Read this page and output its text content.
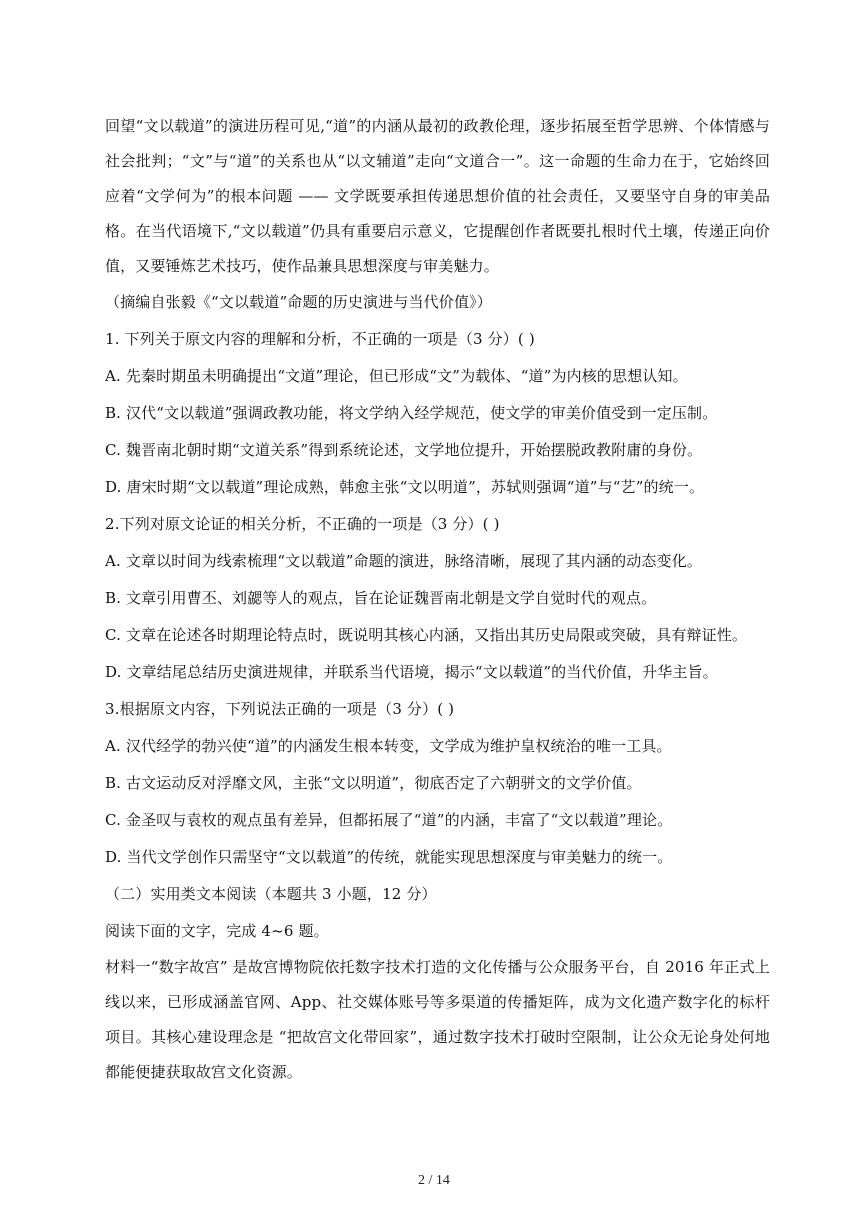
回望“文以载道”的演进历程可见,“道”的内涵从最初的政教伦理，逐步拓展至哲学思辨、个体情感与社会批判；“文”与“道”的关系也从“以文辅道”走向“文道合一”。这一命题的生命力在于，它始终回应着“文学何为”的根本问题 —— 文学既要承担传递思想价值的社会责任，又要坚守自身的审美品格。在当代语境下,“文以载道”仍具有重要启示意义，它提醒创作者既要扎根时代土壤，传递正向价值，又要锤炼艺术技巧，使作品兼具思想深度与审美魅力。

（摘编自张毅《“文以载道”命题的历史演进与当代价值》）

1. 下列关于原文内容的理解和分析，不正确的一项是（3 分）( )

A. 先秦时期虽未明确提出“文道”理论，但已形成“文”为载体、“道”为内核的思想认知。

B. 汉代“文以载道”强调政教功能，将文学纳入经学规范，使文学的审美价值受到一定压制。

C. 魏晋南北朝时期“文道关系”得到系统论述，文学地位提升，开始摆脱政教附庸的身份。

D. 唐宋时期“文以载道”理论成熟，韩愈主张“文以明道”，苏轼则强调“道”与“艺”的统一。

2.下列对原文论证的相关分析，不正确的一项是（3 分）( )

A. 文章以时间为线索梳理“文以载道”命题的演进，脉络清晰，展现了其内涵的动态变化。

B. 文章引用曹丕、刘勰等人的观点，旨在论证魏晋南北朝是文学自觉时代的观点。

C. 文章在论述各时期理论特点时，既说明其核心内涵，又指出其历史局限或突破，具有辩证性。

D. 文章结尾总结历史演进规律，并联系当代语境，揭示“文以载道”的当代价值，升华主旨。

3.根据原文内容，下列说法正确的一项是（3 分）( )

A. 汉代经学的勃兴使“道”的内涵发生根本转变，文学成为维护皇权统治的唯一工具。

B. 古文运动反对浮靡文风，主张“文以明道”，彻底否定了六朝骈文的文学价值。

C. 金圣叹与袁枚的观点虽有差异，但都拓展了“道”的内涵，丰富了“文以载道”理论。

D. 当代文学创作只需坚守“文以载道”的传统，就能实现思想深度与审美魅力的统一。

（二）实用类文本阅读（本题共 3 小题，12 分）

阅读下面的文字，完成 4~6 题。

材料一“数字故宫” 是故宫博物院依托数字技术打造的文化传播与公众服务平台，自 2016 年正式上线以来，已形成涵盖官网、App、社交媒体账号等多渠道的传播矩阵，成为文化遗产数字化的标杆项目。其核心建设理念是 “把故宫文化带回家”，通过数字技术打破时空限制，让公众无论身处何地都能便捷获取故宫文化资源。

2 / 14
